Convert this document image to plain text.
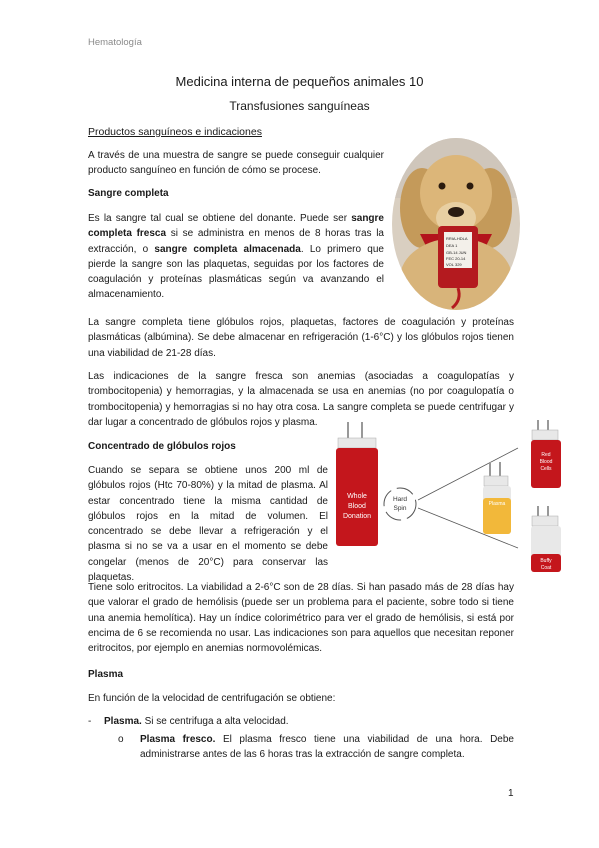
Hematología
Medicina interna de pequeños animales 10
Transfusiones sanguíneas
Productos sanguíneos e indicaciones
A través de una muestra de sangre se puede conseguir cualquier producto sanguíneo en función de cómo se procese.
Sangre completa
Es la sangre tal cual se obtiene del donante. Puede ser sangre completa fresca si se administra en menos de 8 horas tras la extracción, o sangre completa almacenada. Lo primero que pierde la sangre son las plaquetas, seguidas por los factores de coagulación y proteínas plasmáticas según va avanzando el almacenamiento.
RRIA-HDLA
DEA 1
GB-14 JUN
FEC 20-14
VOL 329
La sangre completa tiene glóbulos rojos, plaquetas, factores de coagulación y proteínas plasmáticas (albúmina). Se debe almacenar en refrigeración (1-6°C) y los glóbulos rojos tienen una viabilidad de 21-28 días.
Las indicaciones de la sangre fresca son anemias (asociadas a coagulopatías y trombocitopenia) y hemorragias, y la almacenada se usa en anemias (no por coagulopatía o trombocitopenia) y hemorragias si no hay otra cosa. La sangre completa se puede centrifugar y dar lugar a concentrado de glóbulos rojos y plasma.
Concentrado de glóbulos rojos
Cuando se separa se obtiene unos 200 ml de glóbulos rojos (Htc 70-80%) y la mitad de plasma. Al estar concentrado tiene la misma cantidad de glóbulos rojos en la mitad de volumen. El concentrado se debe llevar a refrigeración y el plasma si no se va a usar en el momento se debe congelar (menos de 20°C) para conservar las plaquetas.
Whole
Blood
Donation
Hard
Spin
Plasma
Red
Blood
Cells
Buffy
Coat
Tiene solo eritrocitos. La viabilidad a 2-6°C son de 28 días. Si han pasado más de 28 días hay que valorar el grado de hemólisis (puede ser un problema para el paciente, sobre todo si tiene una anemia hemolítica). Hay un índice colorimétrico para ver el grado de hemólisis, si está por encima de 6 se recomienda no usar. Las indicaciones son para aquellos que necesitan reponer eritrocitos, por ejemplo en anemias normovolémicas.
Plasma
En función de la velocidad de centrifugación se obtiene:
- Plasma. Si se centrifuga a alta velocidad.
o Plasma fresco. El plasma fresco tiene una viabilidad de una hora. Debe administrarse antes de las 6 horas tras la extracción de sangre completa.
1
